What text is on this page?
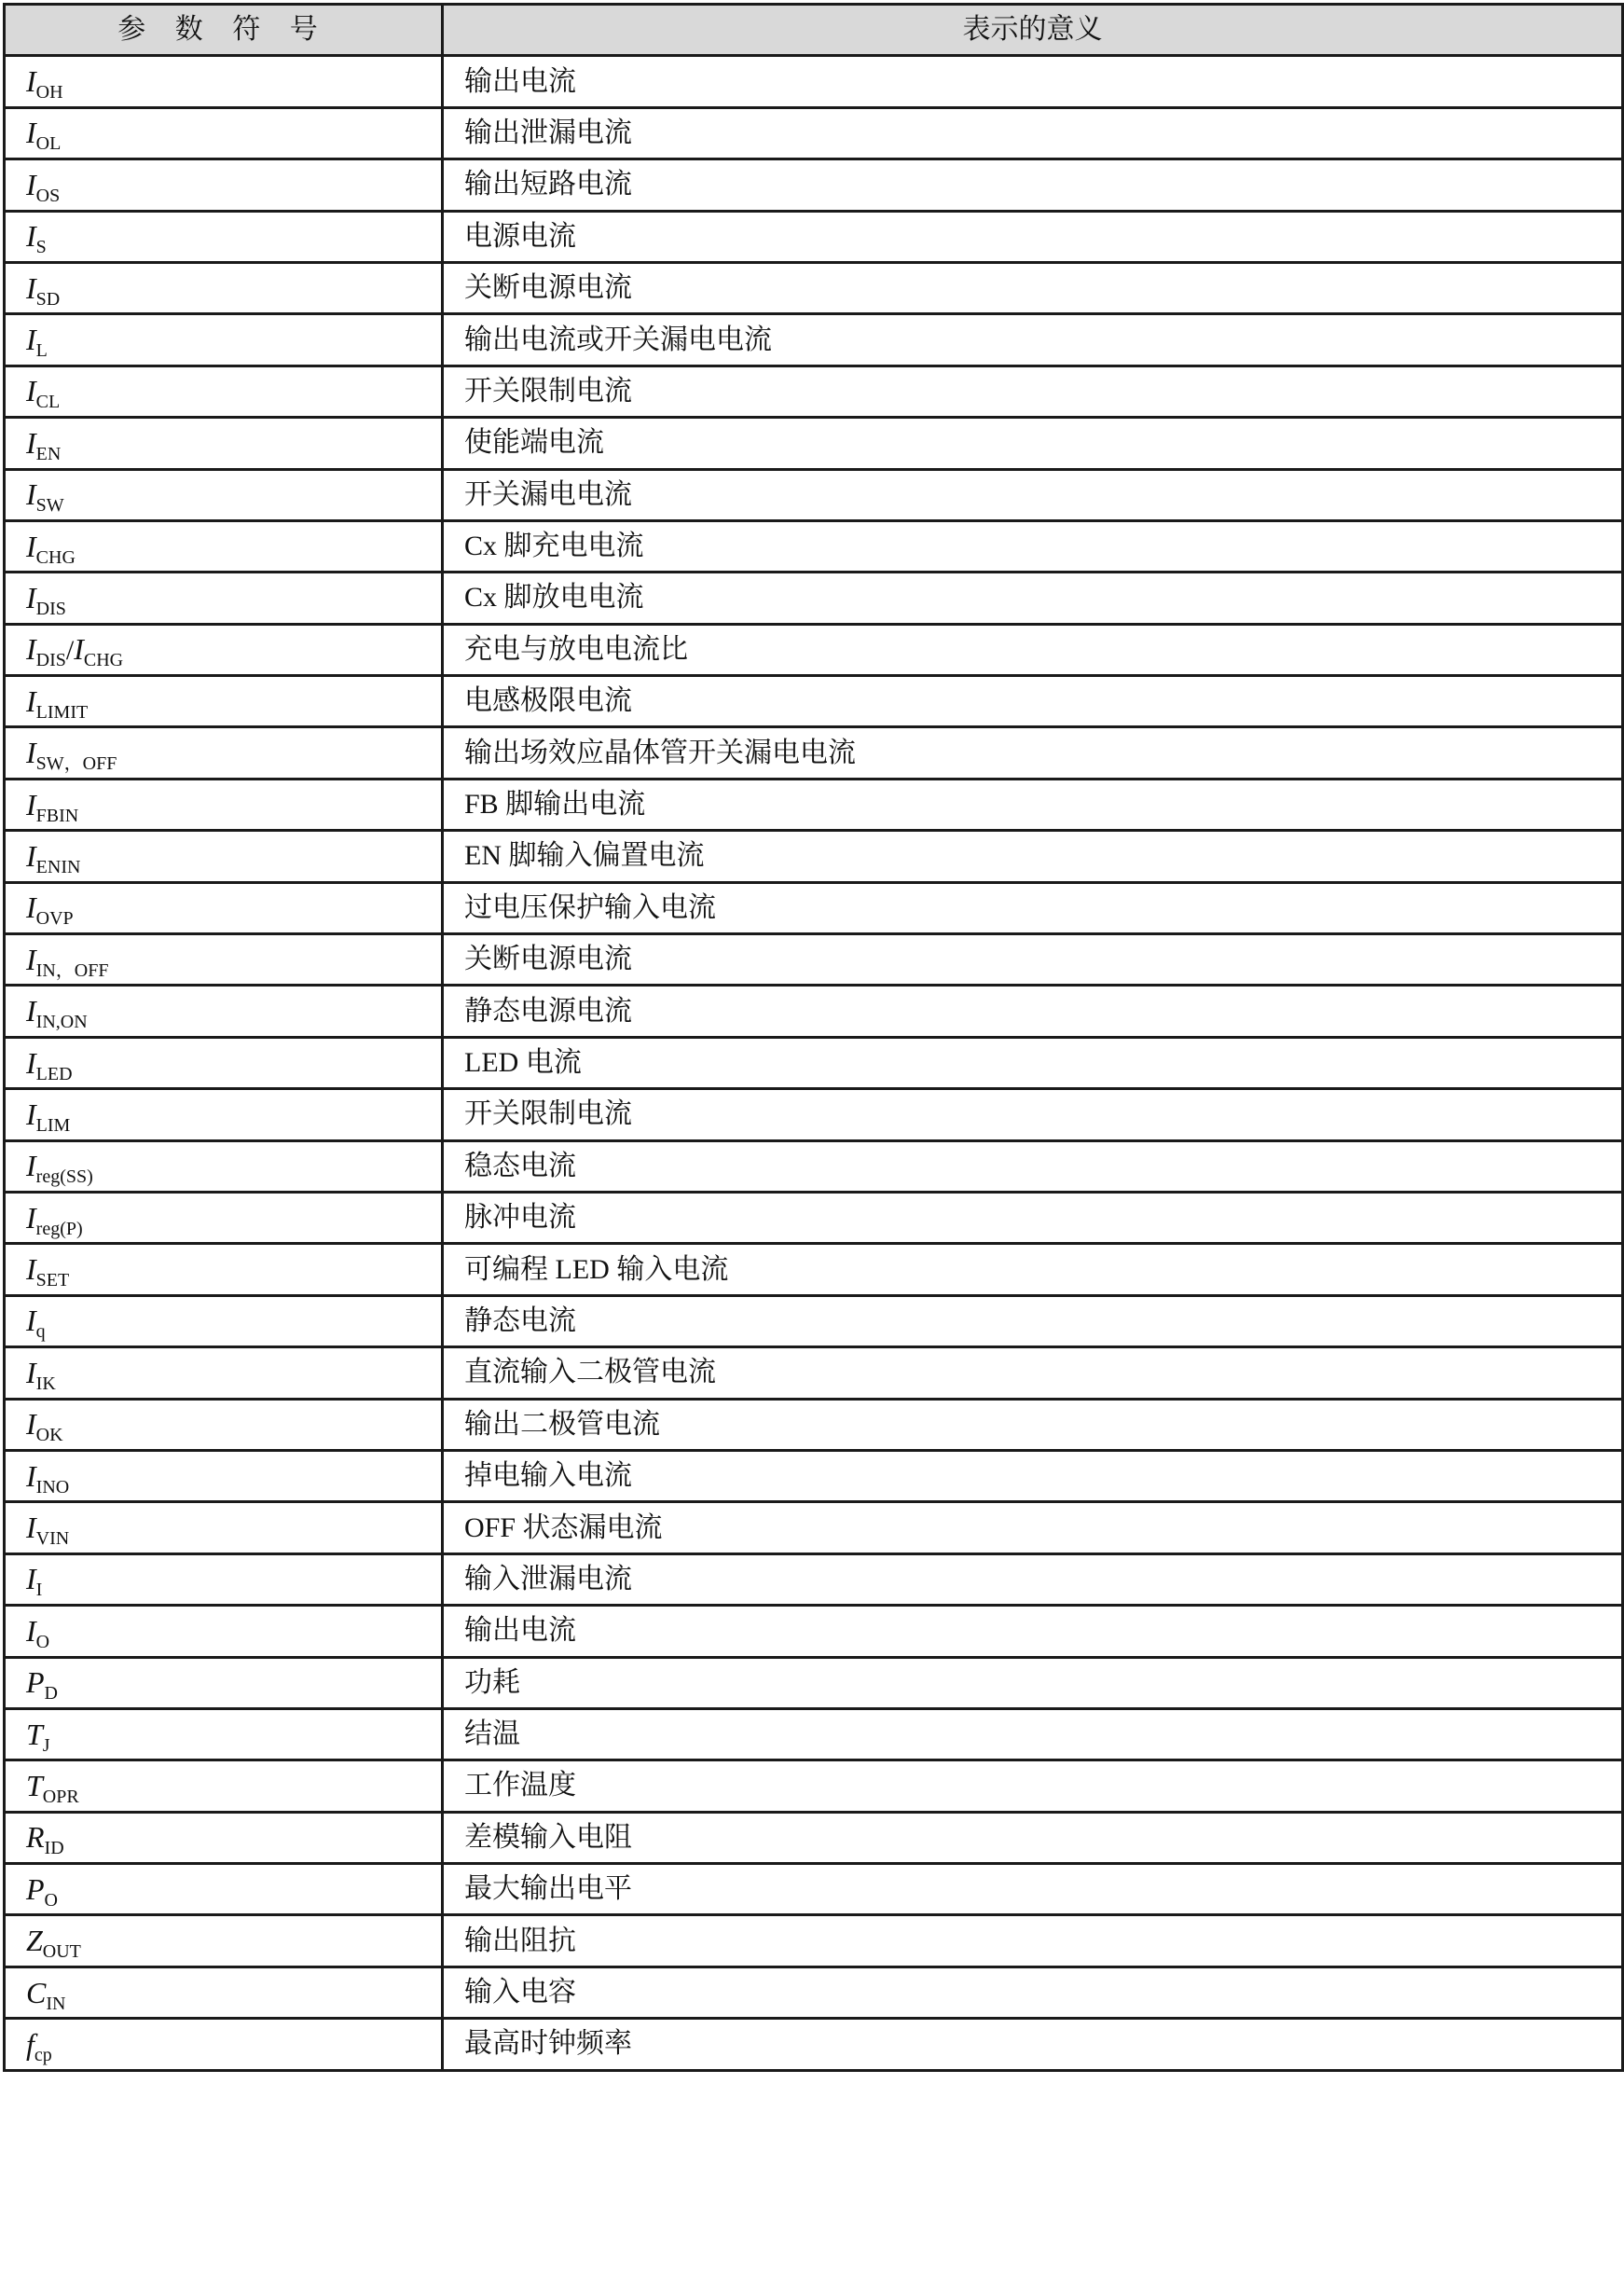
参 数 符 号	表示的意义
$I_{OH}$	输出电流
$I_{OL}$	输出泄漏电流
$I_{OS}$	输出短路电流
$I_S$	电源电流
$I_{SD}$	关断电源电流
$I_L$	输出电流或开关漏电电流
$I_{CL}$	开关限制电流
$I_{EN}$	使能端电流
$I_{SW}$	开关漏电电流
$I_{CHG}$	Cx 脚充电电流
$I_{DIS}$	Cx 脚放电电流
$I_{DIS}/I_{CHG}$	充电与放电电流比
$I_{LIMIT}$	电感极限电流
$I_{SW,OFF}$	输出场效应晶体管开关漏电电流
$I_{FBIN}$	FB 脚输出电流
$I_{ENIN}$	EN 脚输入偏置电流
$I_{OVP}$	过电压保护输入电流
$I_{IN,OFF}$	关断电源电流
$I_{IN,ON}$	静态电源电流
$I_{LED}$	LED 电流
$I_{LIM}$	开关限制电流
$I_{reg(SS)}$	稳态电流
$I_{reg(P)}$	脉冲电流
$I_{SET}$	可编程 LED 输入电流
$I_q$	静态电流
$I_{IK}$	直流输入二极管电流
$I_{OK}$	输出二极管电流
$I_{INO}$	掉电输入电流
$I_{VIN}$	OFF 状态漏电流
$I_I$	输入泄漏电流
$I_O$	输出电流
$P_D$	功耗
$T_J$	结温
$T_{OPR}$	工作温度
$R_{ID}$	差模输入电阻
$P_O$	最大输出电平
$Z_{OUT}$	输出阻抗
$C_{IN}$	输入电容
$f_{cp}$	最高时钟频率
